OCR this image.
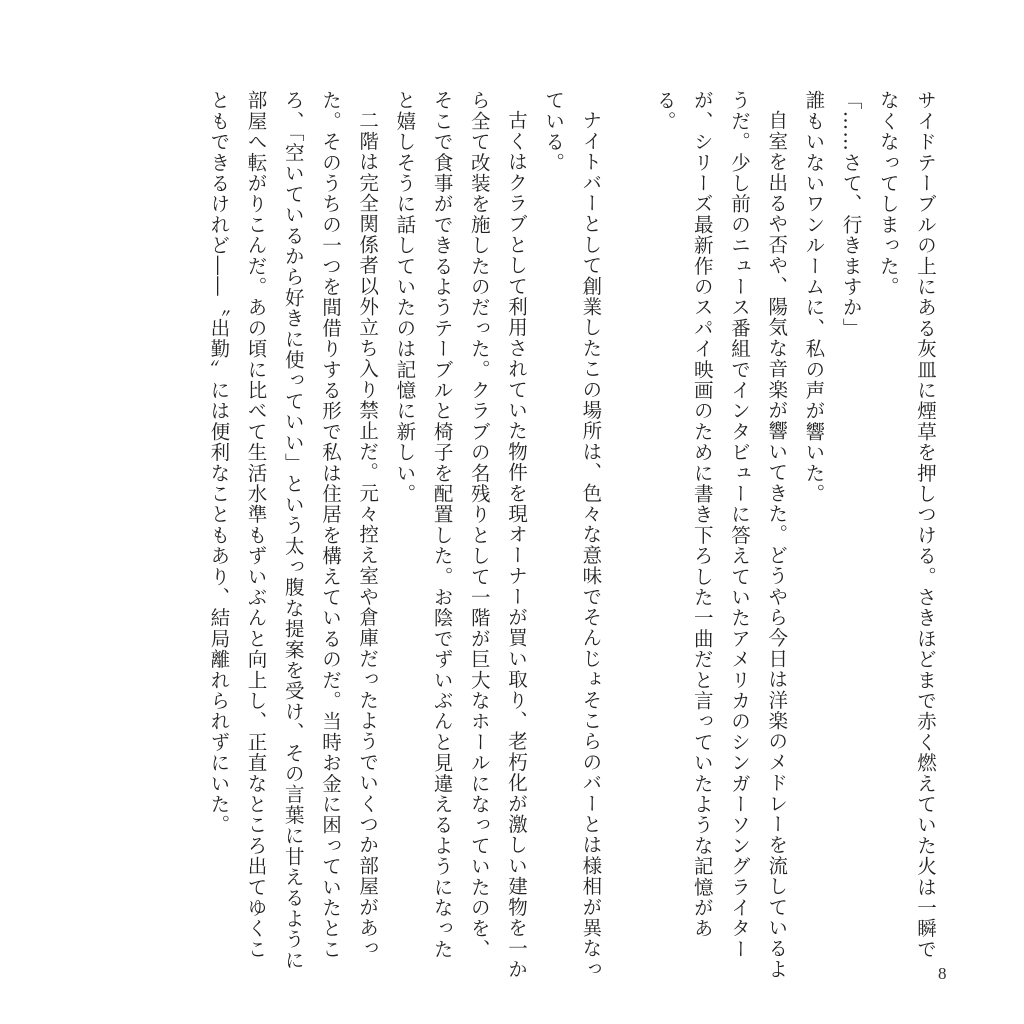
サイドテーブルの上にある灰皿に煙草を押しつける。さきほどまで赤く燃えていた火は一瞬でなくなってしまった。

「……さて、行きますか」

誰もいないワンルームに、私の声が響いた。

自室を出るや否や、陽気な音楽が響いてきた。どうやら今日は洋楽のメドレーを流しているようだ。少し前のニュース番組でインタビューに答えていたアメリカのシンガーソングライターが、シリーズ最新作のスパイ映画のために書き下ろした一曲だと言っていたような記憶がある。

ナイトバーとして創業したこの場所は、色々な意味でそんじょそこらのバーとは様相が異なっている。

古くはクラブとして利用されていた物件を現オーナーが買い取り、老朽化が激しい建物を一から全て改装を施したのだった。クラブの名残りとして一階が巨大なホールになっていたのを、そこで食事ができるようテーブルと椅子を配置した。お陰でずいぶんと見違えるようになったと嬉しそうに話していたのは記憶に新しい。

二階は完全関係者以外立ち入り禁止だ。元々控え室や倉庫だったようでいくつか部屋があった。そのうちの一つを間借りする形で私は住居を構えているのだ。当時お金に困っていたところ、「空いているから好きに使っていい」という太っ腹な提案を受け、その言葉に甘えるように部屋へ転がりこんだ。あの頃に比べて生活水準もずいぶんと向上し、正直なところ出てゆくこともできるけれど――〝出勤〟には便利なこともあり、結局離れられずにいた。

8
